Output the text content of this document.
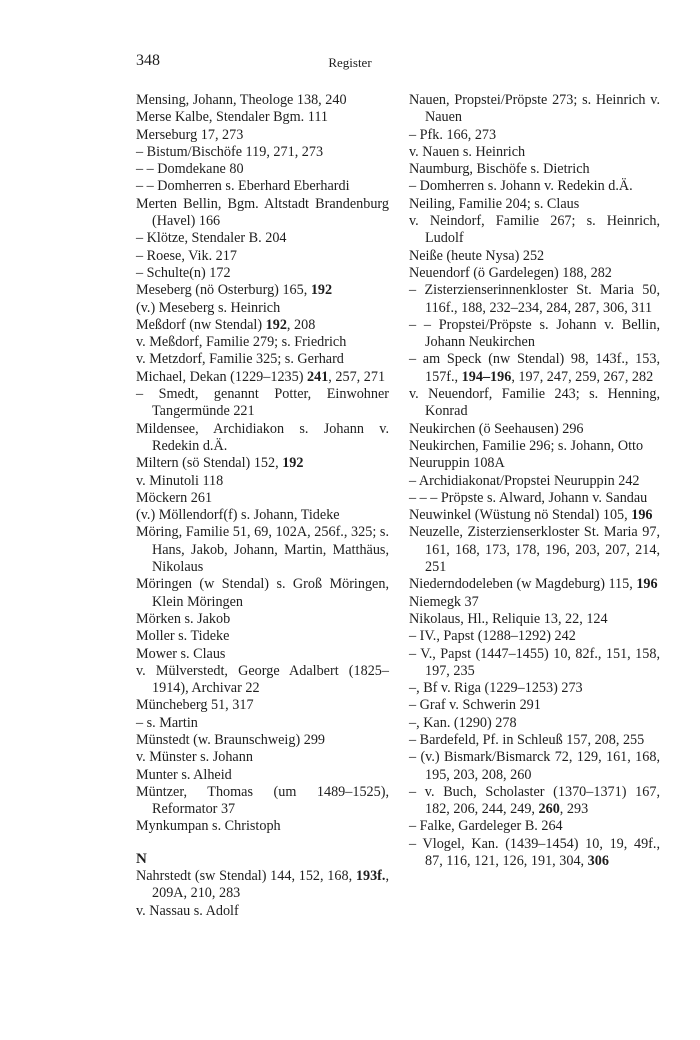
348	Register
Mensing, Johann, Theologe 138, 240
Merse Kalbe, Stendaler Bgm. 111
Merseburg 17, 273
– Bistum/Bischöfe 119, 271, 273
– – Domdekane 80
– – Domherren s. Eberhard Eberhardi
Merten Bellin, Bgm. Altstadt Brandenburg (Havel) 166
– Klötze, Stendaler B. 204
– Roese, Vik. 217
– Schulte(n) 172
Meseberg (nö Osterburg) 165, 192
(v.) Meseberg s. Heinrich
Meßdorf (nw Stendal) 192, 208
v. Meßdorf, Familie 279; s. Friedrich
v. Metzdorf, Familie 325; s. Gerhard
Michael, Dekan (1229–1235) 241, 257, 271
– Smedt, genannt Potter, Einwohner Tangermünde 221
Mildensee, Archidiakon s. Johann v. Redekin d.Ä.
Miltern (sö Stendal) 152, 192
v. Minutoli 118
Möckern 261
(v.) Möllendorf(f) s. Johann, Tideke
Möring, Familie 51, 69, 102A, 256f., 325; s. Hans, Jakob, Johann, Martin, Matthäus, Nikolaus
Möringen (w Stendal) s. Groß Möringen, Klein Möringen
Mörken s. Jakob
Moller s. Tideke
Mower s. Claus
v. Mülverstedt, George Adalbert (1825–1914), Archivar 22
Müncheberg 51, 317
– s. Martin
Münstedt (w. Braunschweig) 299
v. Münster s. Johann
Munter s. Alheid
Müntzer, Thomas (um 1489–1525), Reformator 37
Mynkumpan s. Christoph
N
Nahrstedt (sw Stendal) 144, 152, 168, 193f., 209A, 210, 283
v. Nassau s. Adolf
Nauen, Propstei/Pröpste 273; s. Heinrich v. Nauen
– Pfk. 166, 273
v. Nauen s. Heinrich
Naumburg, Bischöfe s. Dietrich
– Domherren s. Johann v. Redekin d.Ä.
Neiling, Familie 204; s. Claus
v. Neindorf, Familie 267; s. Heinrich, Ludolf
Neiße (heute Nysa) 252
Neuendorf (ö Gardelegen) 188, 282
– Zisterzienserinnenkloster St. Maria 50, 116f., 188, 232–234, 284, 287, 306, 311
– – Propstei/Pröpste s. Johann v. Bellin, Johann Neukirchen
– am Speck (nw Stendal) 98, 143f., 153, 157f., 194–196, 197, 247, 259, 267, 282
v. Neuendorf, Familie 243; s. Henning, Konrad
Neukirchen (ö Seehausen) 296
Neukirchen, Familie 296; s. Johann, Otto
Neuruppin 108A
– Archidiakonat/Propstei Neuruppin 242
– – – Pröpste s. Alward, Johann v. Sandau
Neuwinkel (Wüstung nö Stendal) 105, 196
Neuzelle, Zisterzienserkloster St. Maria 97, 161, 168, 173, 178, 196, 203, 207, 214, 251
Niederndodeleben (w Magdeburg) 115, 196
Niemegk 37
Nikolaus, Hl., Reliquie 13, 22, 124
– IV., Papst (1288–1292) 242
– V., Papst (1447–1455) 10, 82f., 151, 158, 197, 235
–, Bf v. Riga (1229–1253) 273
– Graf v. Schwerin 291
–, Kan. (1290) 278
– Bardefeld, Pf. in Schleuß 157, 208, 255
– (v.) Bismark/Bismarck 72, 129, 161, 168, 195, 203, 208, 260
– v. Buch, Scholaster (1370–1371) 167, 182, 206, 244, 249, 260, 293
– Falke, Gardeleger B. 264
– Vlogel, Kan. (1439–1454) 10, 19, 49f., 87, 116, 121, 126, 191, 304, 306
